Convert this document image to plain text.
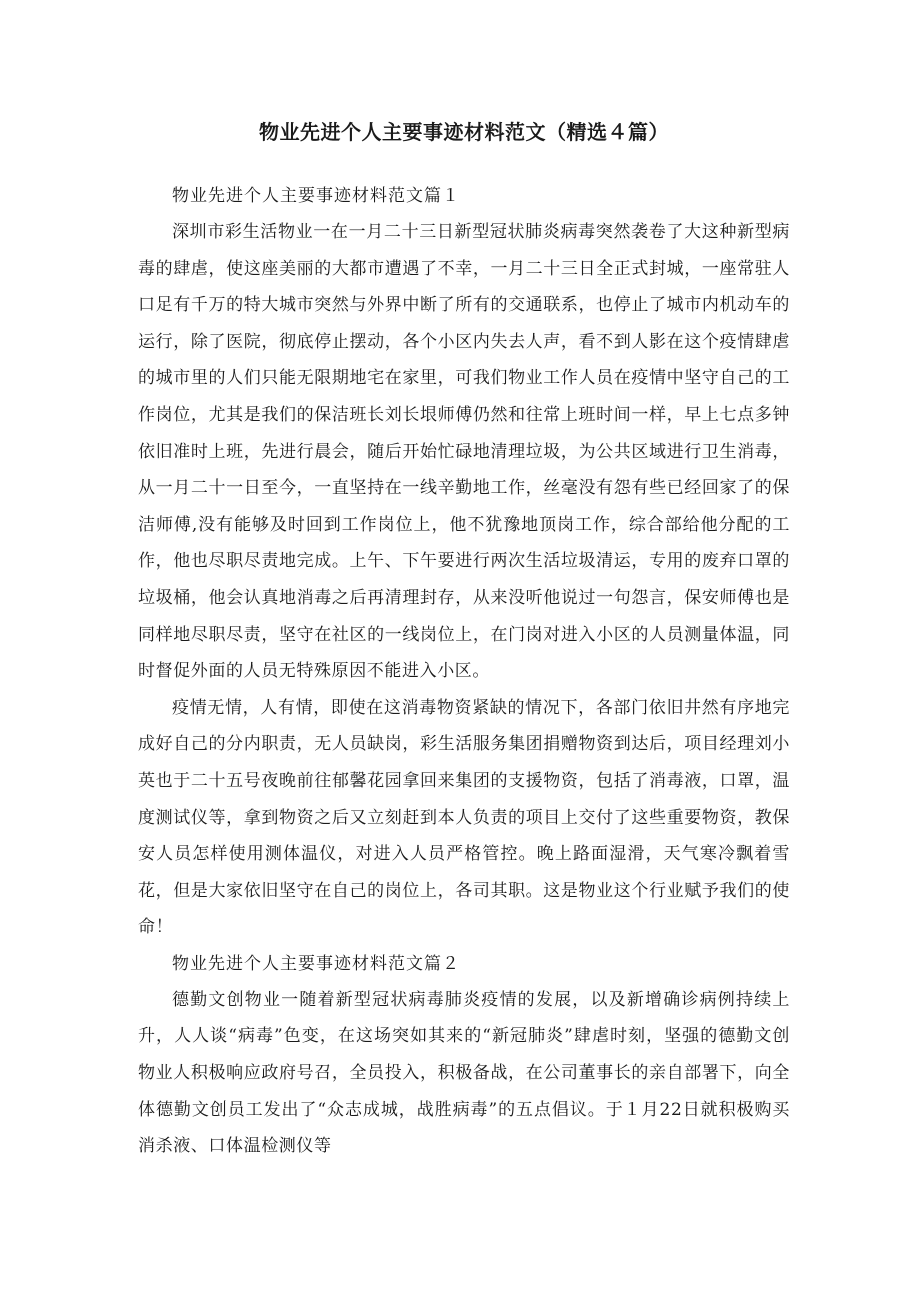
物业先进个人主要事迹材料范文（精选４篇）

物业先进个人主要事迹材料范文篇１

深圳市彩生活物业一在一月二十三日新型冠状肺炎病毒突然袭卷了大这种新型病毒的肆虐，使这座美丽的大都市遭遇了不幸，一月二十三日全正式封城，一座常驻人口足有千万的特大城市突然与外界中断了所有的交通联系，也停止了城市内机动车的运行，除了医院，彻底停止摆动，各个小区内失去人声，看不到人影在这个疫情肆虐的城市里的人们只能无限期地宅在家里，可我们物业工作人员在疫情中坚守自己的工作岗位，尤其是我们的保洁班长刘长垠师傅仍然和往常上班时间一样，早上七点多钟依旧准时上班，先进行晨会，随后开始忙碌地清理垃圾，为公共区域进行卫生消毒，从一月二十一日至今，一直坚持在一线辛勤地工作，丝毫没有怨有些已经回家了的保洁师傅,没有能够及时回到工作岗位上，他不犹豫地顶岗工作，综合部给他分配的工作，他也尽职尽责地完成。上午、下午要进行两次生活垃圾清运，专用的废弃口罩的垃圾桶，他会认真地消毒之后再清理封存，从来没听他说过一句怨言，保安师傅也是同样地尽职尽责，坚守在社区的一线岗位上，在门岗对进入小区的人员测量体温，同时督促外面的人员无特殊原因不能进入小区。

疫情无情，人有情，即使在这消毒物资紧缺的情况下，各部门依旧井然有序地完成好自己的分内职责，无人员缺岗，彩生活服务集团捐赠物资到达后，项目经理刘小英也于二十五号夜晚前往郁馨花园拿回来集团的支援物资，包括了消毒液，口罩，温度测试仪等，拿到物资之后又立刻赶到本人负责的项目上交付了这些重要物资，教保安人员怎样使用测体温仪，对进入人员严格管控。晚上路面湿滑，天气寒冷飘着雪花，但是大家依旧坚守在自己的岗位上，各司其职。这是物业这个行业赋予我们的使命！

物业先进个人主要事迹材料范文篇２

德勤文创物业一随着新型冠状病毒肺炎疫情的发展，以及新增确诊病例持续上升，人人谈“病毒”色变，在这场突如其来的“新冠肺炎”肆虐时刻，坚强的德勤文创物业人积极响应政府号召，全员投入，积极备战，在公司董事长的亲自部署下，向全体德勤文创员工发出了“众志成城，战胜病毒”的五点倡议。于１月22日就积极购买消杀液、口体温检测仪等
